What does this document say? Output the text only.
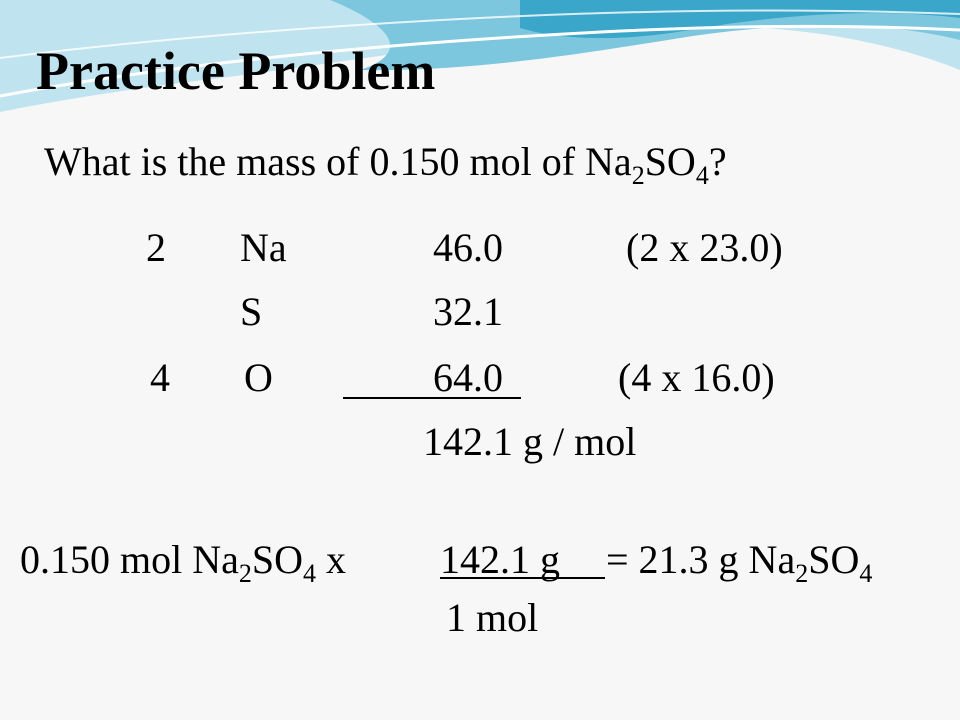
Practice Problem
What is the mass of 0.150 mol of $Na_2SO_4$?
2 Na	46.0	(2 x 23.0)
S	32.1
4 O	64.0	(4 x 16.0)
142.1 g / mol
0.150 mol $Na_2SO_4$ x 142.1 g = 21.3 g $Na_2SO_4$
1 mol
